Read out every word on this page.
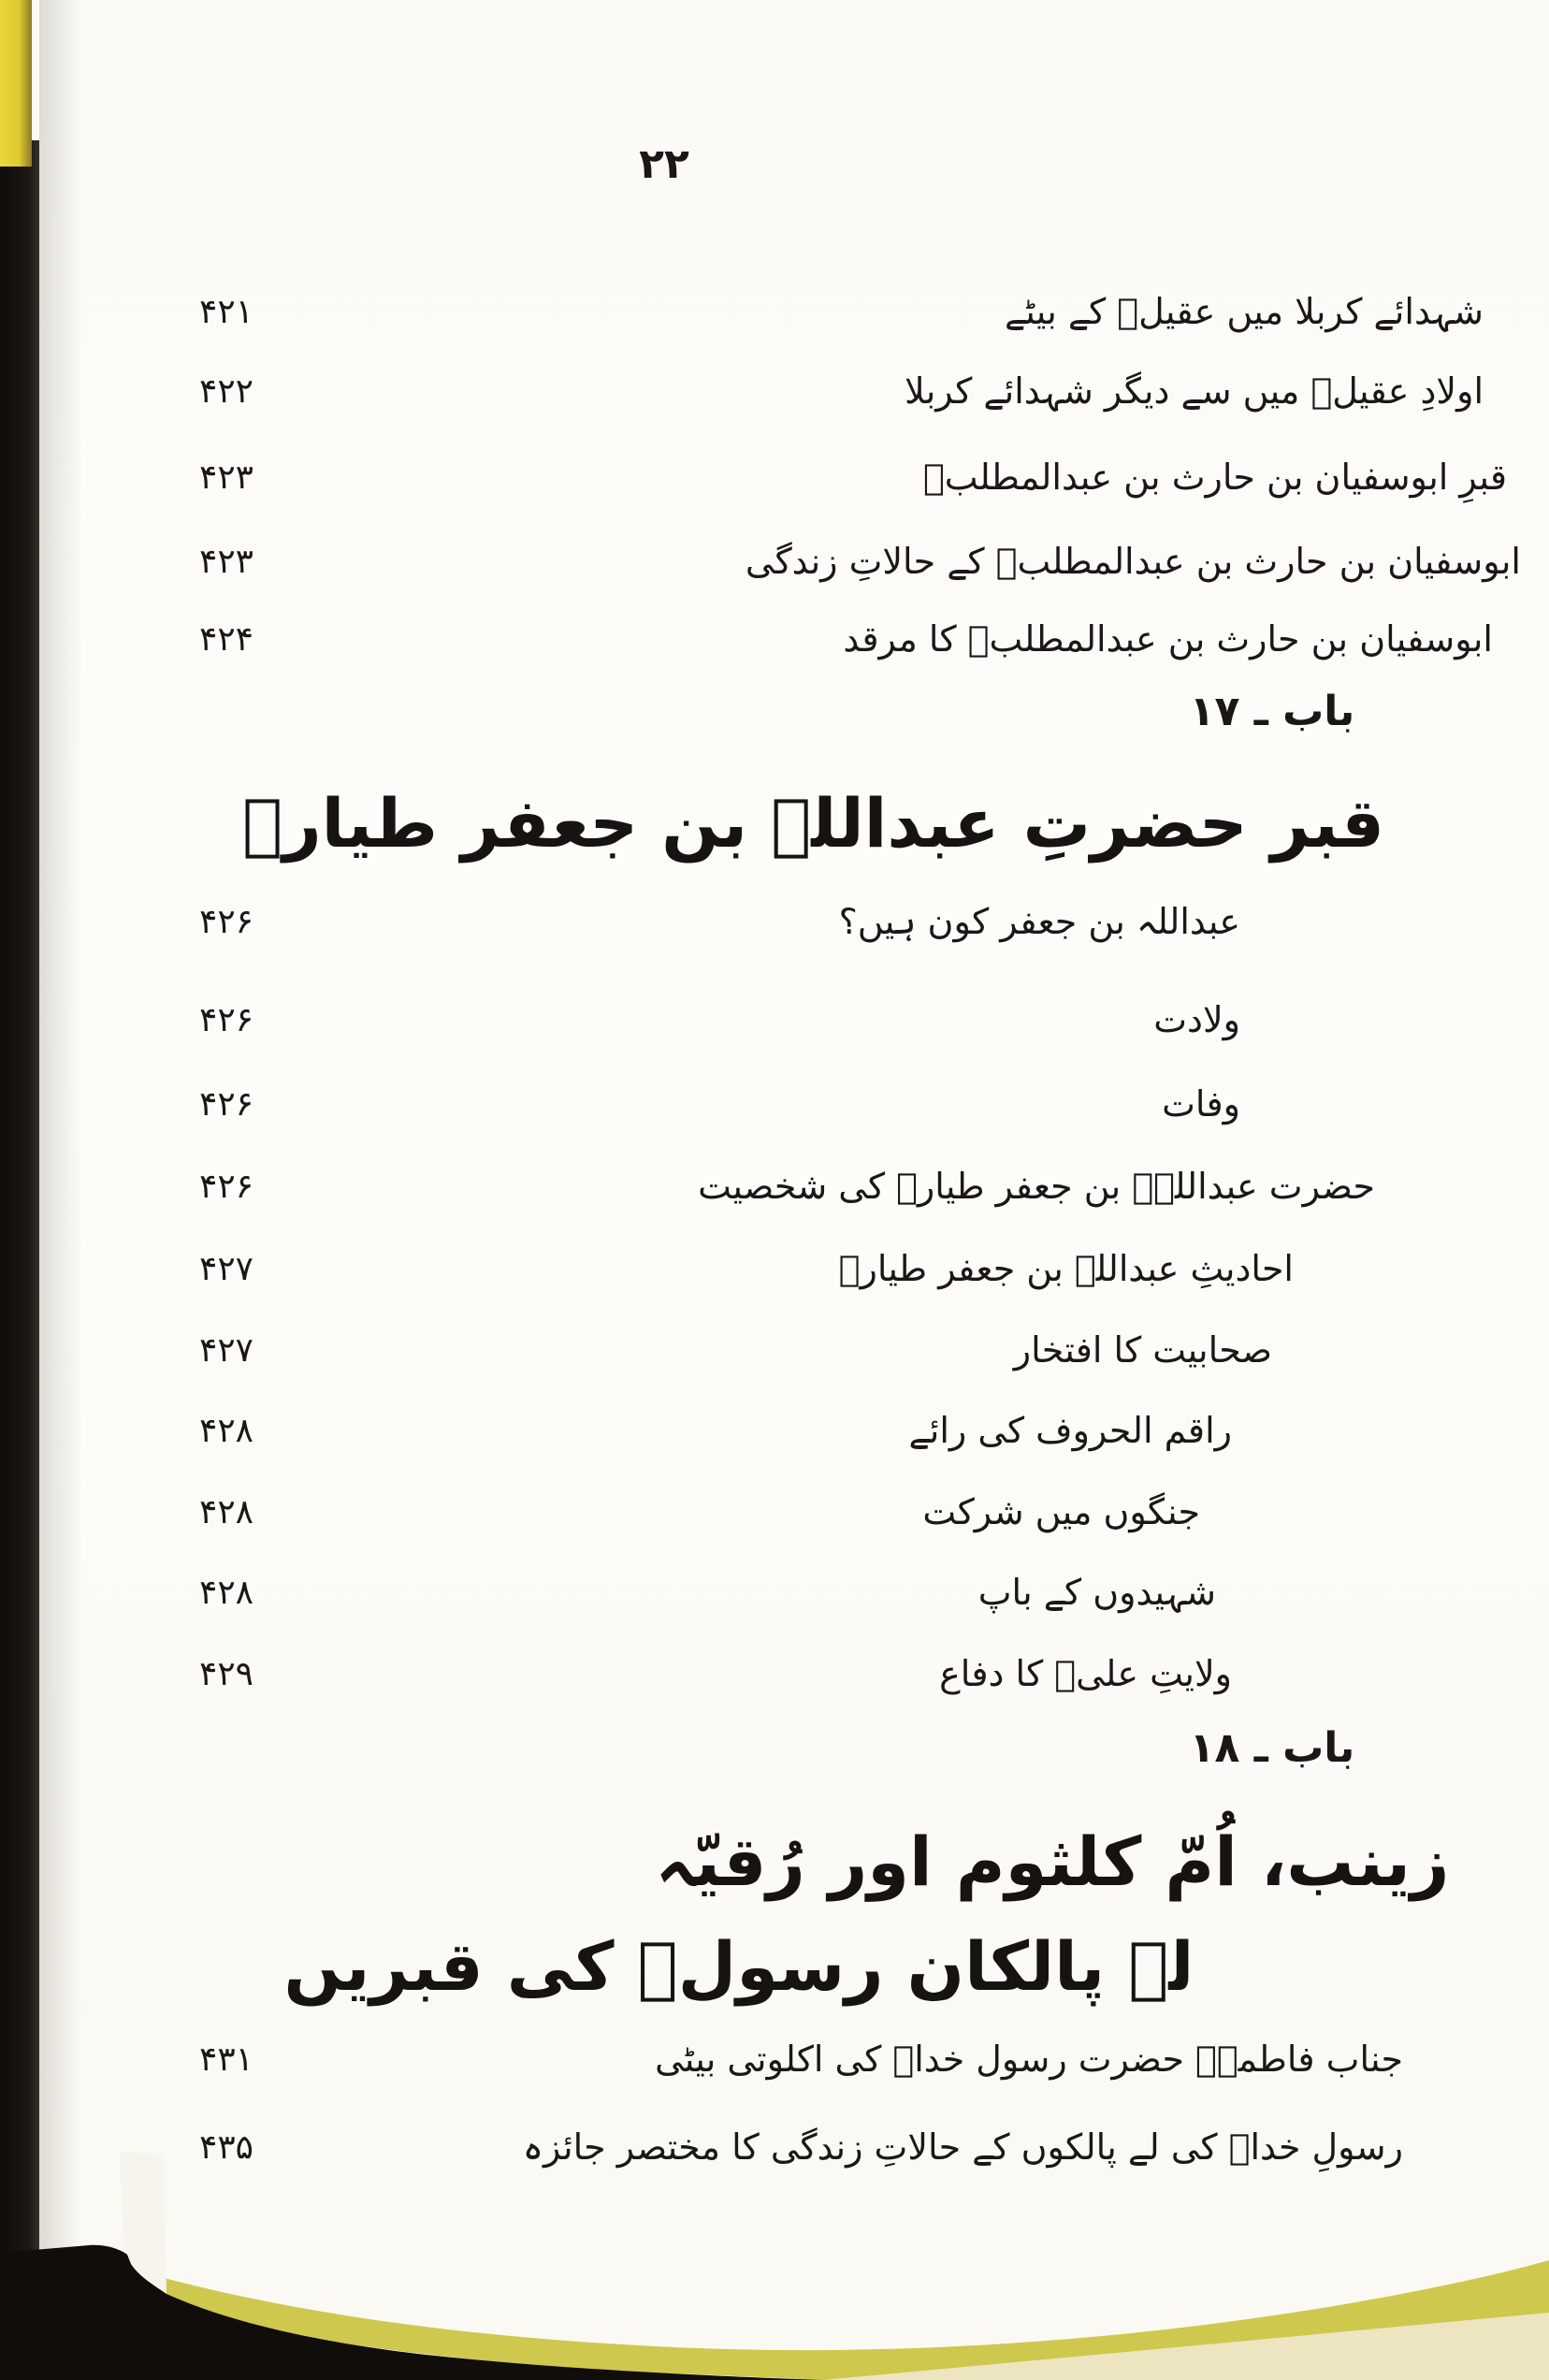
۲۲
۴۲۱	شہدائے کربلا میں عقیلؑ کے بیٹے
۴۲۲	اولادِ عقیلؑ میں سے دیگر شہدائے کربلا
۴۲۳	قبرِ ابوسفیان بن حارث بن عبدالمطلبؑ
۴۲۳	ابوسفیان بن حارث بن عبدالمطلبؑ کے حالاتِ زندگی
۴۲۴	ابوسفیان بن حارث بن عبدالمطلبؑ کا مرقد
باب ـ ۱۷
قبر حضرتِ عبداللہ بن جعفر طیارؑ
۴۲۶	عبداللہ بن جعفر کون ہیں؟
۴۲۶	ولادت
۴۲۶	وفات
۴۲۶	حضرت عبداللہؑ بن جعفر طیارؑ کی شخصیت
۴۲۷	احادیثِ عبداللہ بن جعفر طیارؑ
۴۲۷	صحابیت کا افتخار
۴۲۸	راقم الحروف کی رائے
۴۲۸	جنگوں میں شرکت
۴۲۸	شہیدوں کے باپ
۴۲۹	ولایتِ علیؑ کا دفاع
باب ـ ۱۸
زینب، اُمّ کلثوم اور رُقیّہ
لے پالکان رسولؐ کی قبریں
۴۳۱	جناب فاطمہؑ حضرت رسول خداؐ کی اکلوتی بیٹی
۴۳۵	رسولِ خداؐ کی لے پالکوں کے حالاتِ زندگی کا مختصر جائزہ
